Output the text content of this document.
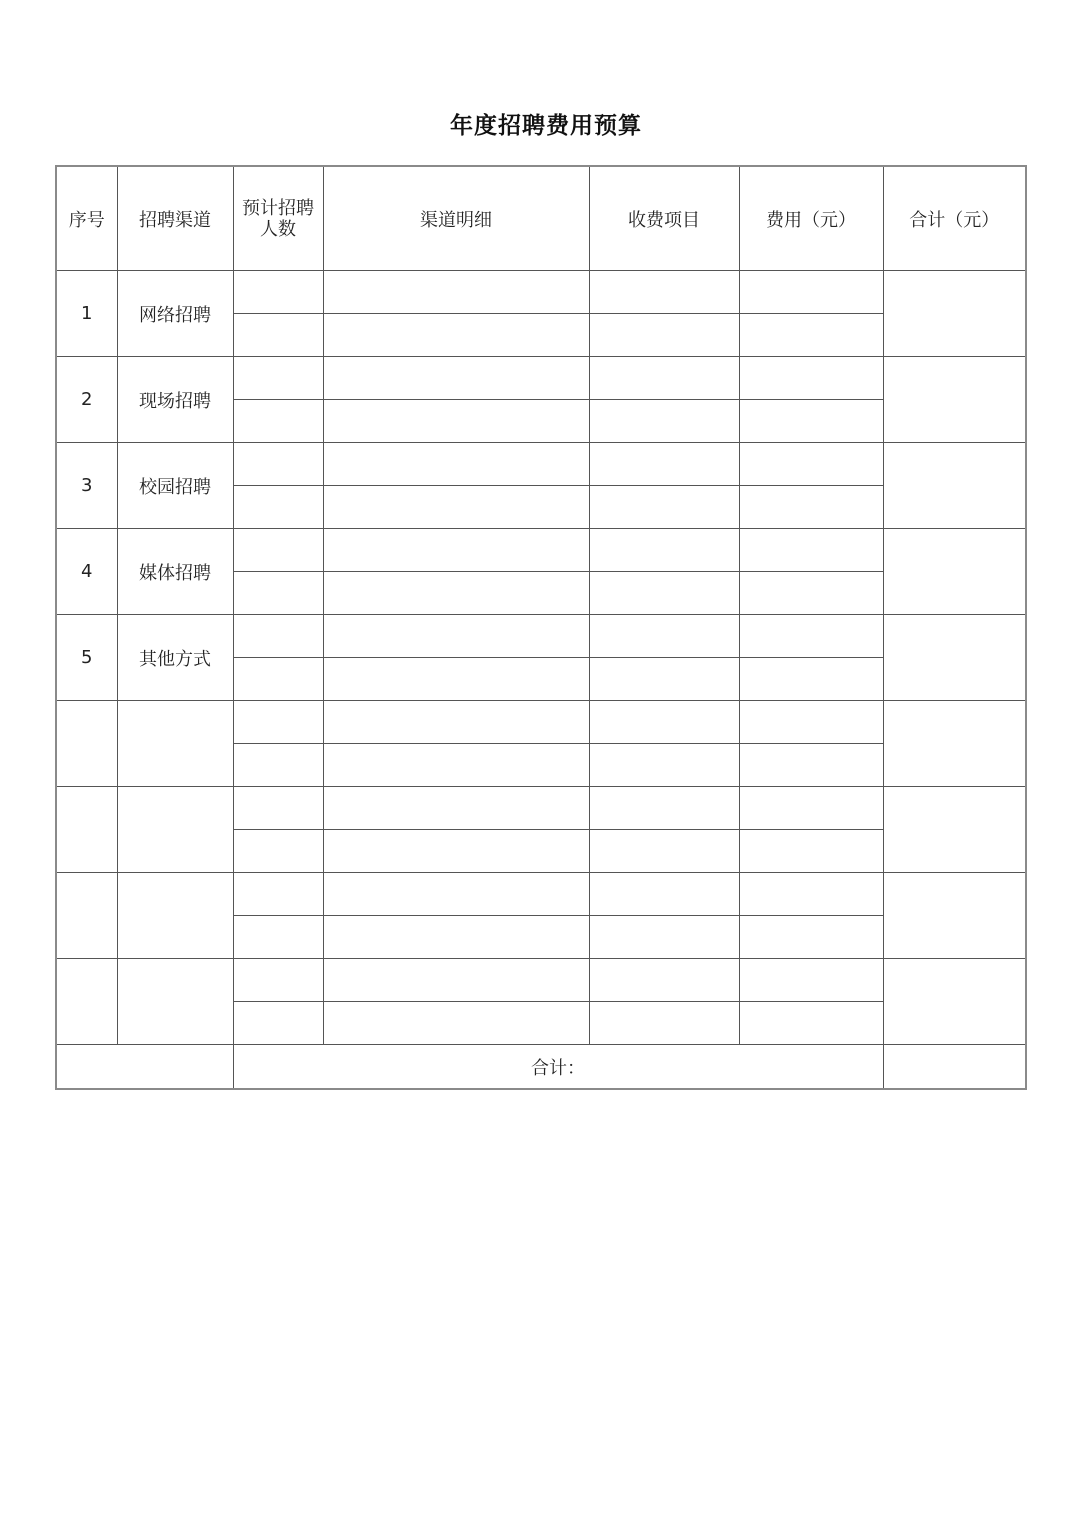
年度招聘费用预算
序号	招聘渠道	预计招聘人数	渠道明细	收费项目	费用（元）	合计（元）
1	网络招聘					

2	现场招聘					

3	校园招聘					

4	媒体招聘					

5	其他方式					

		合计：				
